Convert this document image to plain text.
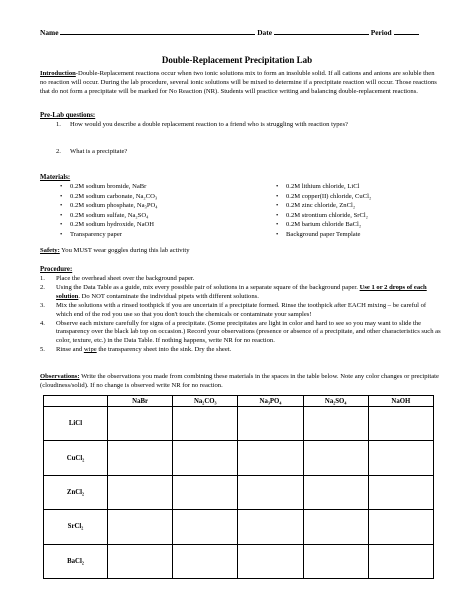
Name	Date	Period
Double-Replacement Precipitation Lab
Introduction-Double-Replacement reactions occur when two ionic solutions mix to form an insoluble solid. If all cations and anions are soluble then no reaction will occur. During the lab procedure, several ionic solutions will be mixed to determine if a precipitate reaction will occur. Those reactions that do not form a precipitate will be marked for No Reaction (NR). Students will practice writing and balancing double-replacement reactions.
Pre-Lab questions:
1. How would you describe a double replacement reaction to a friend who is struggling with reaction types?
2. What is a precipitate?
Materials:
• 0.2M sodium bromide, NaBr
• 0.2M sodium carbonate, Na₂CO₃
• 0.2M sodium phosphate, Na₃PO₄
• 0.2M sodium sulfate, Na₂SO₄
• 0.2M sodium hydroxide, NaOH
• Transparency paper
• 0.2M lithium chloride, LiCl
• 0.2M copper(II) chloride, CuCl₂
• 0.2M zinc chloride, ZnCl₂
• 0.2M strontium chloride, SrCl₂
• 0.2M barium chloride BaCl₂
• Background paper Template
Safety: You MUST wear goggles during this lab activity
Procedure:
1. Place the overhead sheet over the background paper.
2. Using the Data Table as a guide, mix every possible pair of solutions in a separate square of the background paper. Use 1 or 2 drops of each solution. Do NOT contaminate the individual pipets with different solutions.
3. Mix the solutions with a rinsed toothpick if you are uncertain if a precipitate formed. Rinse the toothpick after EACH mixing – be careful of which end of the rod you use so that you don't touch the chemicals or contaminate your samples!
4. Observe each mixture carefully for signs of a precipitate. (Some precipitates are light in color and hard to see so you may want to slide the transparency over the black lab top on occasion.) Record your observations (presence or absence of a precipitate, and other characteristics such as color, texture, etc.) in the Data Table. If nothing happens, write NR for no reaction.
5. Rinse and wipe the transparency sheet into the sink. Dry the sheet.
Observations: Write the observations you made from combining these materials in the spaces in the table below. Note any color changes or precipitate (cloudiness/solid). If no change is observed write NR for no reaction.
	NaBr	Na₂CO₃	Na₃PO₄	Na₂SO₄	NaOH
LiCl					
CuCl₂					
ZnCl₂					
SrCl₂					
BaCl₂					
